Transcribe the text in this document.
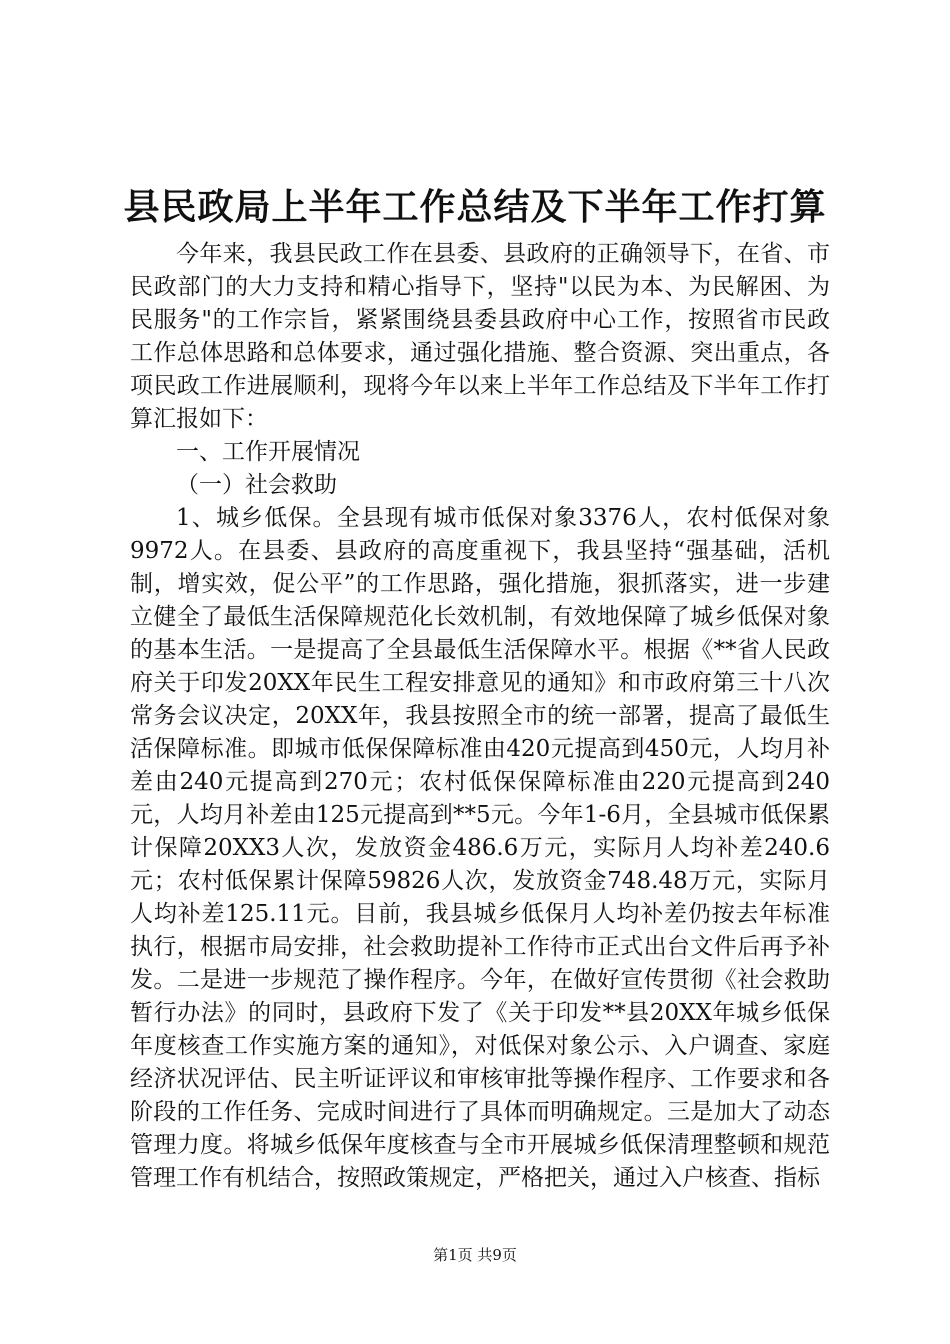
县民政局上半年工作总结及下半年工作打算

今年来，我县民政工作在县委、县政府的正确领导下，在省、市民政部门的大力支持和精心指导下，坚持"以民为本、为民解困、为民服务"的工作宗旨，紧紧围绕县委县政府中心工作，按照省市民政工作总体思路和总体要求，通过强化措施、整合资源、突出重点，各项民政工作进展顺利，现将今年以来上半年工作总结及下半年工作打算汇报如下：

一、工作开展情况

（一）社会救助

1、城乡低保。全县现有城市低保对象3376人，农村低保对象9972人。在县委、县政府的高度重视下，我县坚持“强基础，活机制，增实效，促公平”的工作思路，强化措施，狠抓落实，进一步建立健全了最低生活保障规范化长效机制，有效地保障了城乡低保对象的基本生活。一是提高了全县最低生活保障水平。根据《**省人民政府关于印发20XX年民生工程安排意见的通知》和市政府第三十八次常务会议决定，20XX年，我县按照全市的统一部署，提高了最低生活保障标准。即城市低保保障标准由420元提高到450元，人均月补差由240元提高到270元；农村低保保障标准由220元提高到240元，人均月补差由125元提高到**5元。今年1-6月，全县城市低保累计保障20XX3人次，发放资金486.6万元，实际月人均补差240.6元；农村低保累计保障59826人次，发放资金748.48万元，实际月人均补差125.11元。目前，我县城乡低保月人均补差仍按去年标准执行，根据市局安排，社会救助提补工作待市正式出台文件后再予补发。二是进一步规范了操作程序。今年，在做好宣传贯彻《社会救助暂行办法》的同时，县政府下发了《关于印发**县20XX年城乡低保年度核查工作实施方案的通知》，对低保对象公示、入户调查、家庭经济状况评估、民主听证评议和审核审批等操作程序、工作要求和各阶段的工作任务、完成时间进行了具体而明确规定。三是加大了动态管理力度。将城乡低保年度核查与全市开展城乡低保清理整顿和规范管理工作有机结合，按照政策规定，严格把关，通过入户核查、指标

第1页 共9页
